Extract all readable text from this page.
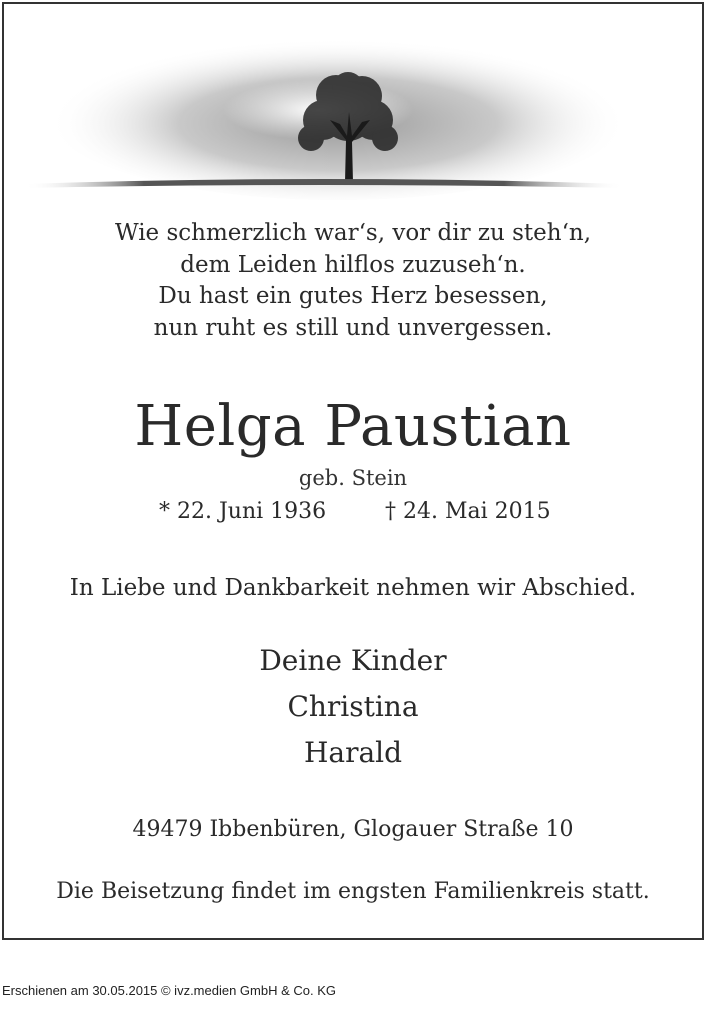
Wie schmerzlich war‘s, vor dir zu steh‘n,
dem Leiden hilflos zuzuseh‘n.
Du hast ein gutes Herz besessen,
nun ruht es still und unvergessen.
Helga Paustian
geb. Stein
* 22. Juni 1936	† 24. Mai 2015
In Liebe und Dankbarkeit nehmen wir Abschied.
Deine Kinder
Christina
Harald
49479 Ibbenbüren, Glogauer Straße 10
Die Beisetzung findet im engsten Familienkreis statt.
Erschienen am 30.05.2015 © ivz.medien GmbH & Co. KG
